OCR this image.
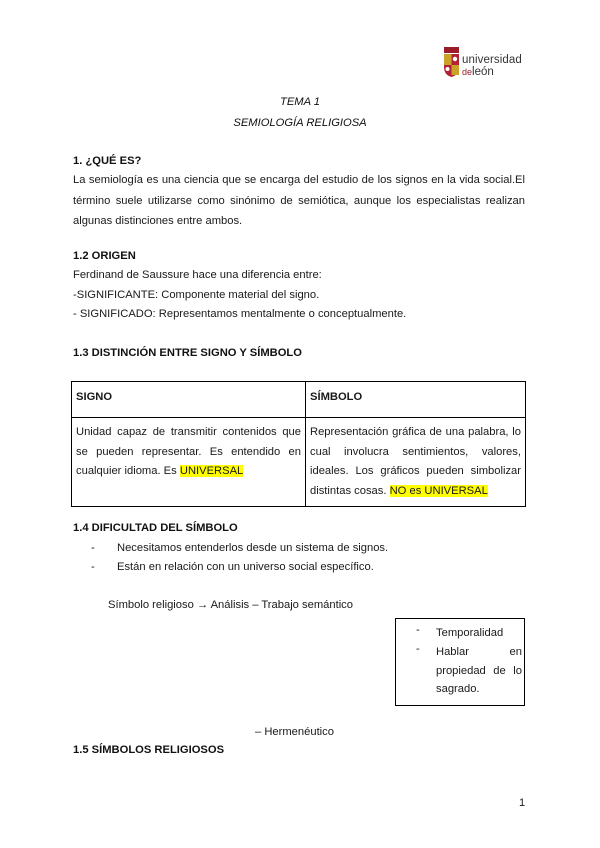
universidad
deleón
TEMA 1
SEMIOLOGÍA RELIGIOSA
1. ¿QUÉ ES?
La semiología es una ciencia que se encarga del estudio de los signos en la vida social.El término suele utilizarse como sinónimo de semiótica, aunque los especialistas realizan algunas distinciones entre ambos.
1.2 ORIGEN
Ferdinand de Saussure hace una diferencia entre:
-SIGNIFICANTE: Componente material del signo.
- SIGNIFICADO: Representamos mentalmente o conceptualmente.
1.3 DISTINCIÓN ENTRE SIGNO Y SÍMBOLO
SIGNO	SÍMBOLO
Unidad capaz de transmitir contenidos que se pueden representar. Es entendido en cualquier idioma. Es UNIVERSAL	Representación gráfica de una palabra, lo cual involucra sentimientos, valores, ideales. Los gráficos pueden simbolizar distintas cosas. NO es UNIVERSAL
1.4 DIFICULTAD DEL SÍMBOLO
- Necesitamos entenderlos desde un sistema de signos.
- Están en relación con un universo social específico.
Símbolo religioso → Análisis – Trabajo semántico
- Temporalidad
- Hablar en propiedad de lo sagrado.
– Hermenéutico
1.5 SÍMBOLOS RELIGIOSOS
1
